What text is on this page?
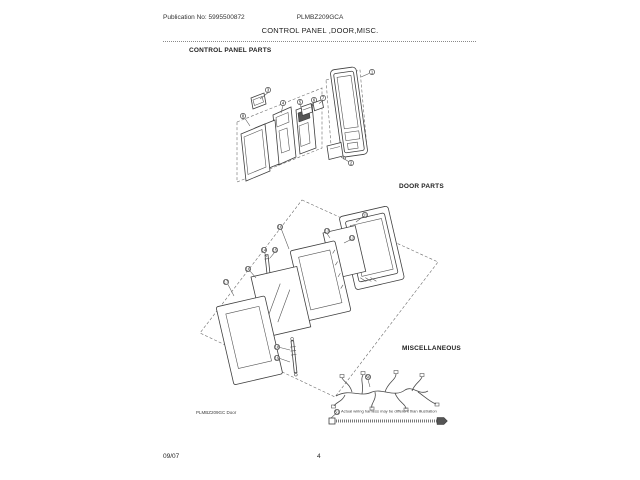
Publication No: 5995500872	PLMBZ209GCA
CONTROL PANEL ,DOOR,MISC.
CONTROL PANEL PARTS
DOOR PARTS
MISCELLANEOUS
1
2
3
4	5	6 7
8
10
11
12
13
14 15
16
17
18
19
50
51
PLMBZ209GC Door	Actual wiring harness may be different than illustration
09/07	4
